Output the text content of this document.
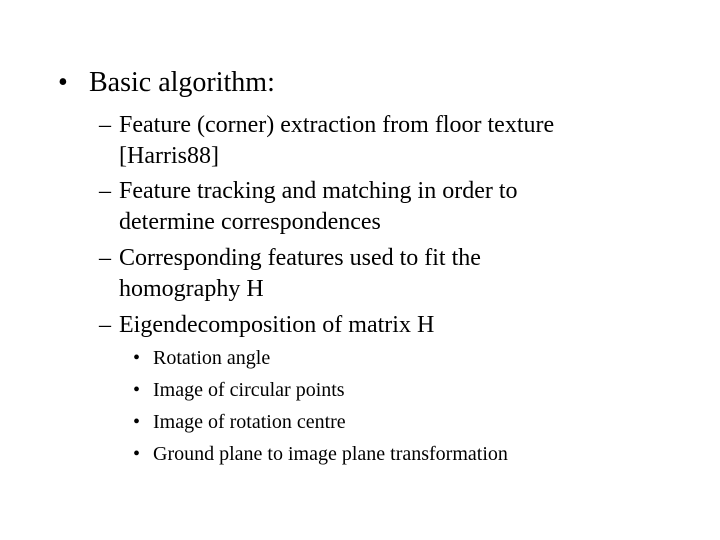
• Basic algorithm:
– Feature (corner) extraction from floor texture
[Harris88]
– Feature tracking and matching in order to
determine correspondences
– Corresponding features used to fit the
homography H
– Eigendecomposition of matrix H
• Rotation angle
• Image of circular points
• Image of rotation centre
• Ground plane to image plane transformation
